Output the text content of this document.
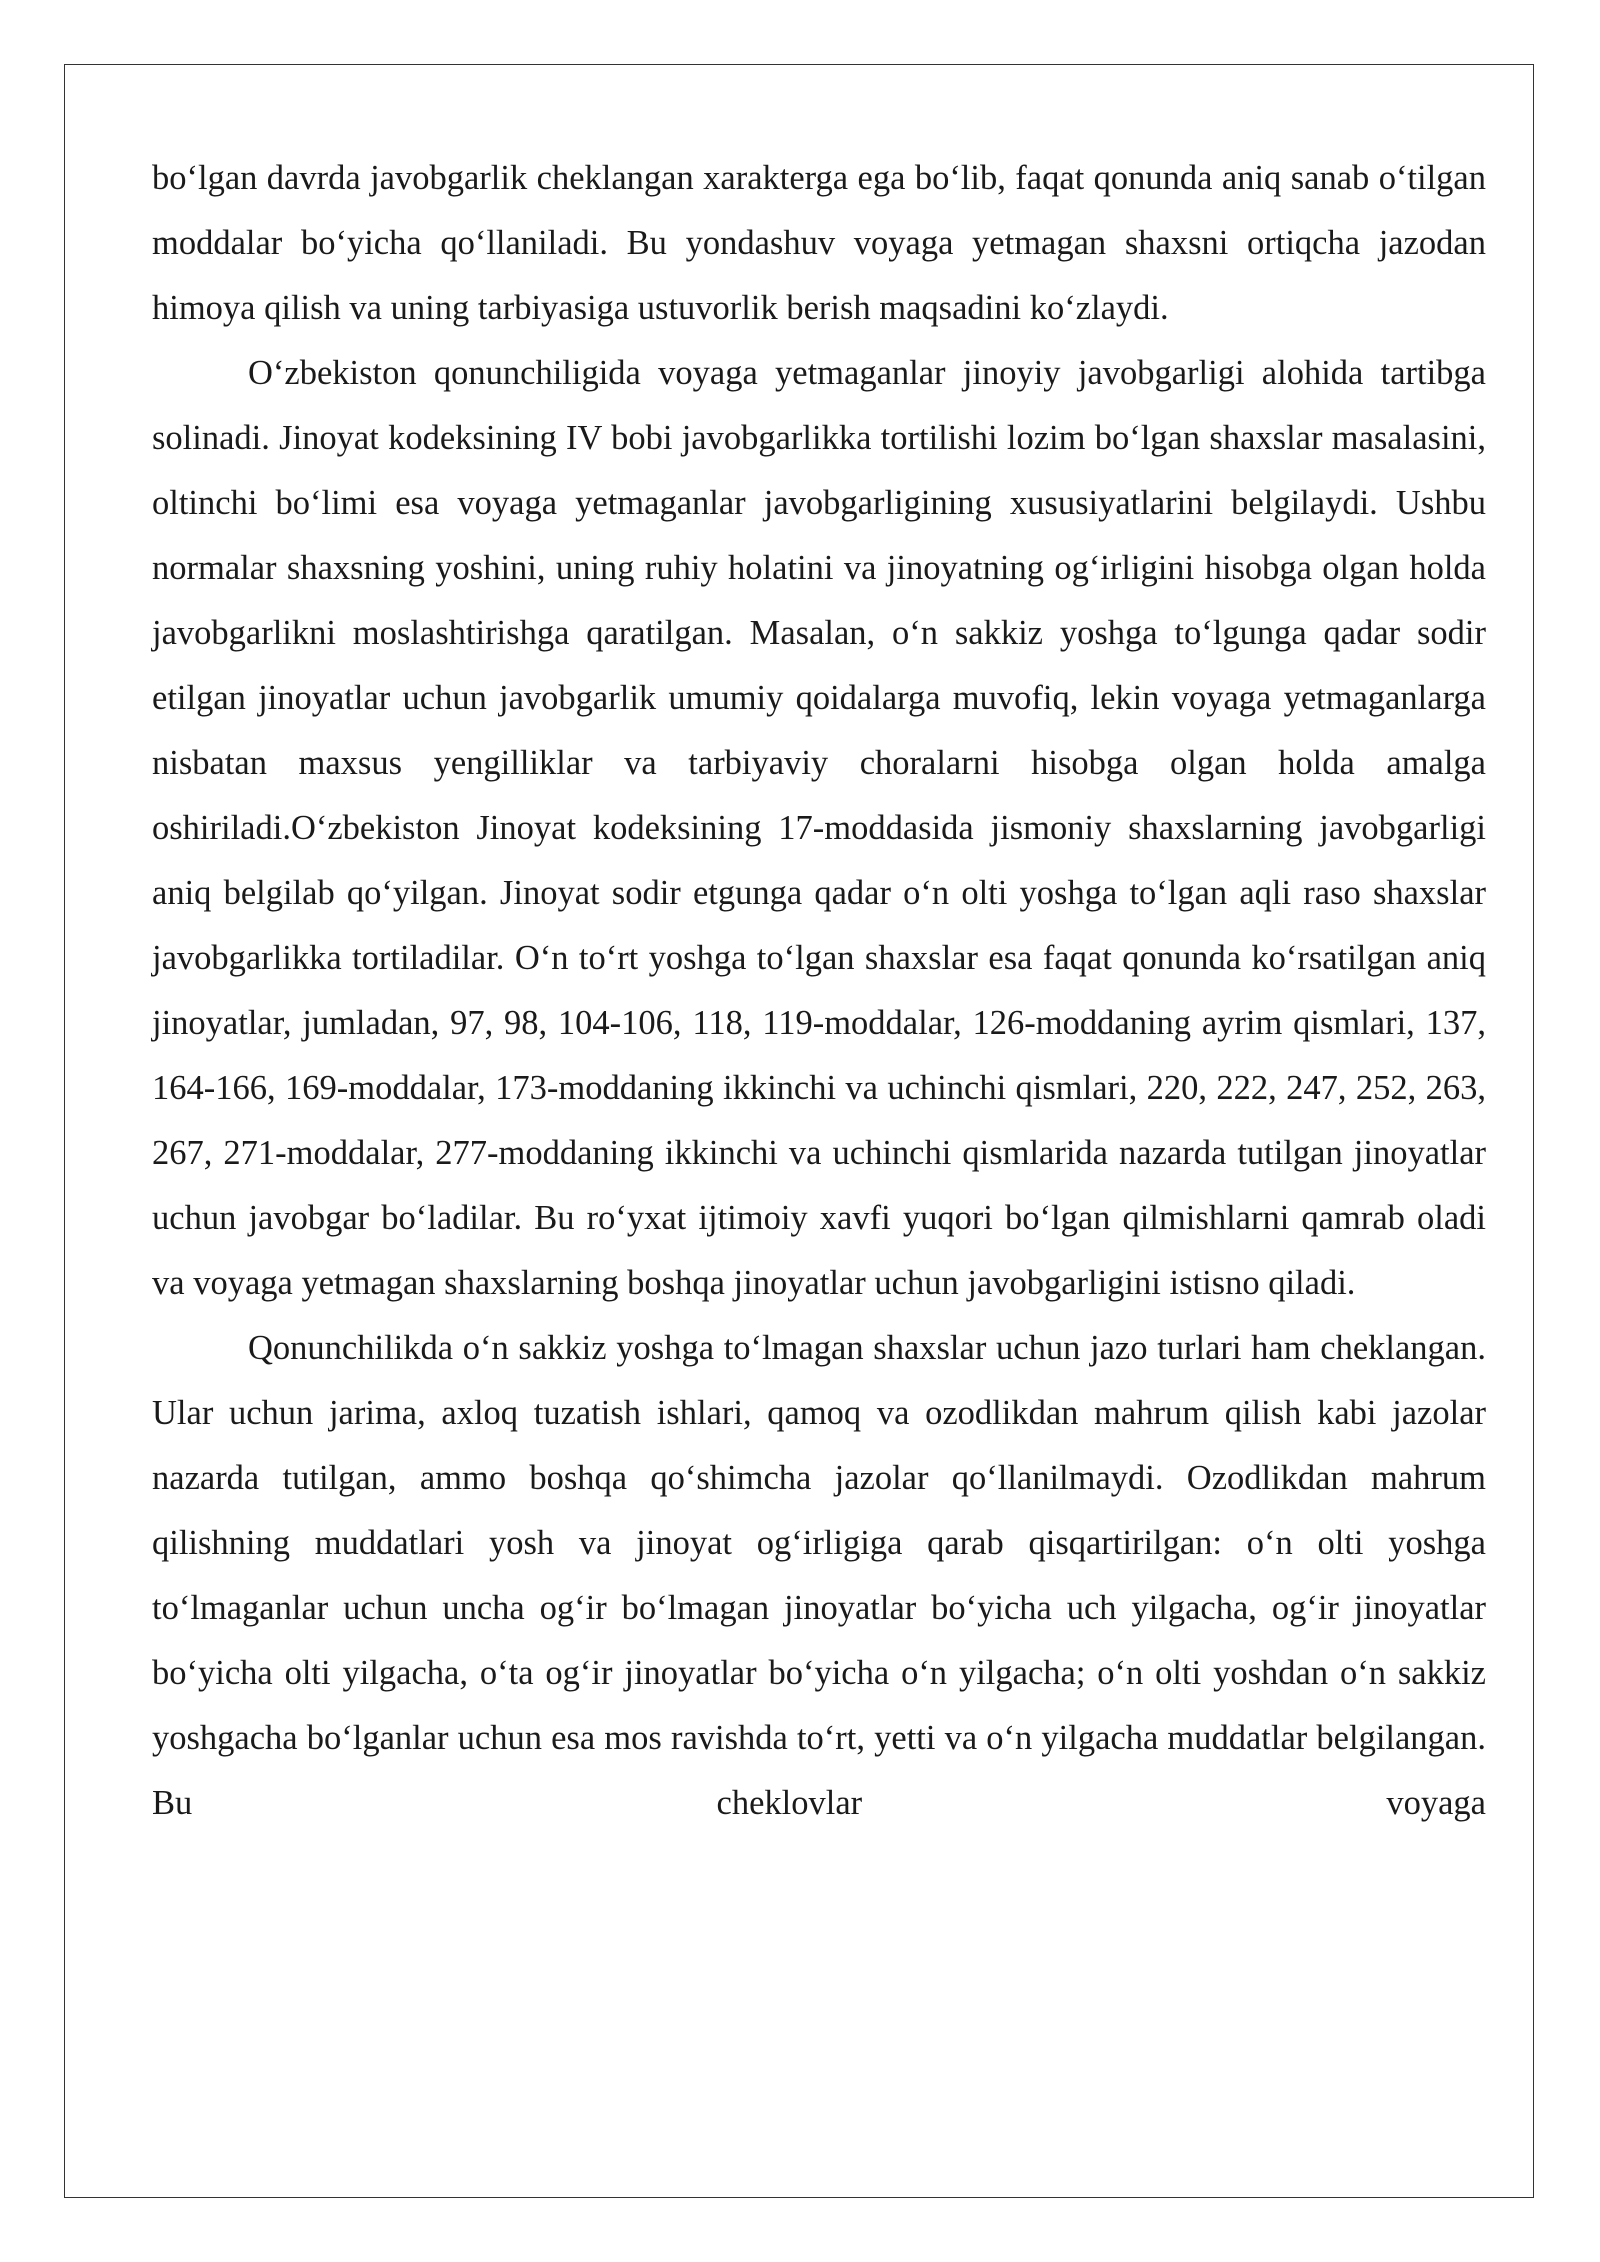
bo‘lgan davrda javobgarlik cheklangan xarakterga ega bo‘lib, faqat qonunda aniq sanab o‘tilgan moddalar bo‘yicha qo‘llaniladi. Bu yondashuv voyaga yetmagan shaxsni ortiqcha jazodan himoya qilish va uning tarbiyasiga ustuvorlik berish maqsadini ko‘zlaydi.

O‘zbekiston qonunchiligida voyaga yetmaganlar jinoyiy javobgarligi alohida tartibga solinadi. Jinoyat kodeksining IV bobi javobgarlikka tortilishi lozim bo‘lgan shaxslar masalasini, oltinchi bo‘limi esa voyaga yetmaganlar javobgarligining xususiyatlarini belgilaydi. Ushbu normalar shaxsning yoshini, uning ruhiy holatini va jinoyatning og‘irligini hisobga olgan holda javobgarlikni moslashtirishga qaratilgan. Masalan, o‘n sakkiz yoshga to‘lgunga qadar sodir etilgan jinoyatlar uchun javobgarlik umumiy qoidalarga muvofiq, lekin voyaga yetmaganlarga nisbatan maxsus yengilliklar va tarbiyaviy choralarni hisobga olgan holda amalga oshiriladi.O‘zbekiston Jinoyat kodeksining 17-moddasida jismoniy shaxslarning javobgarligi aniq belgilab qo‘yilgan. Jinoyat sodir etgunga qadar o‘n olti yoshga to‘lgan aqli raso shaxslar javobgarlikka tortiladilar. O‘n to‘rt yoshga to‘lgan shaxslar esa faqat qonunda ko‘rsatilgan aniq jinoyatlar, jumladan, 97, 98, 104-106, 118, 119-moddalar, 126-moddaning ayrim qismlari, 137, 164-166, 169-moddalar, 173-moddaning ikkinchi va uchinchi qismlari, 220, 222, 247, 252, 263, 267, 271-moddalar, 277-moddaning ikkinchi va uchinchi qismlarida nazarda tutilgan jinoyatlar uchun javobgar bo‘ladilar. Bu ro‘yxat ijtimoiy xavfi yuqori bo‘lgan qilmishlarni qamrab oladi va voyaga yetmagan shaxslarning boshqa jinoyatlar uchun javobgarligini istisno qiladi.

Qonunchilikda o‘n sakkiz yoshga to‘lmagan shaxslar uchun jazo turlari ham cheklangan. Ular uchun jarima, axloq tuzatish ishlari, qamoq va ozodlikdan mahrum qilish kabi jazolar nazarda tutilgan, ammo boshqa qo‘shimcha jazolar qo‘llanilmaydi. Ozodlikdan mahrum qilishning muddatlari yosh va jinoyat og‘irligiga qarab qisqartirilgan: o‘n olti yoshga to‘lmaganlar uchun uncha og‘ir bo‘lmagan jinoyatlar bo‘yicha uch yilgacha, og‘ir jinoyatlar bo‘yicha olti yilgacha, o‘ta og‘ir jinoyatlar bo‘yicha o‘n yilgacha; o‘n olti yoshdan o‘n sakkiz yoshgacha bo‘lganlar uchun esa mos ravishda to‘rt, yetti va o‘n yilgacha muddatlar belgilangan. Bu cheklovlar voyaga
